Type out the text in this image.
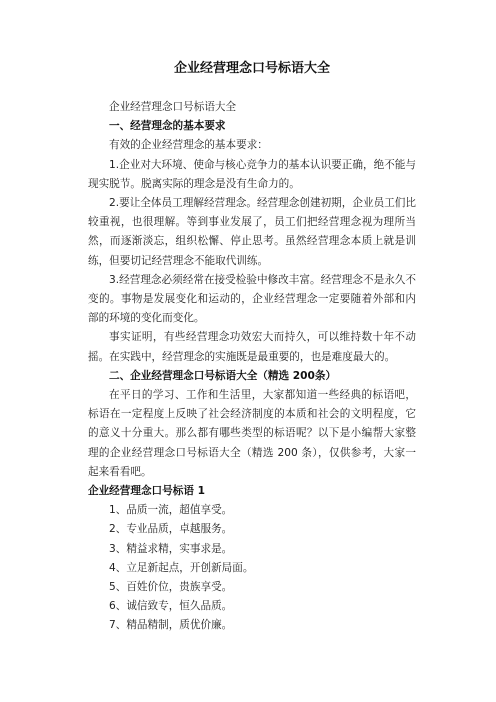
企业经营理念口号标语大全

企业经营理念口号标语大全

一、经营理念的基本要求

有效的企业经营理念的基本要求：

1.企业对大环境、使命与核心竞争力的基本认识要正确，绝不能与现实脱节。脱离实际的理念是没有生命力的。

2.要让全体员工理解经营理念。经营理念创建初期，企业员工们比较重视，也很理解。等到事业发展了，员工们把经营理念视为理所当然，而逐渐淡忘，组织松懈、停止思考。虽然经营理念本质上就是训练，但要切记经营理念不能取代训练。

3.经营理念必须经常在接受检验中修改丰富。经营理念不是永久不变的。事物是发展变化和运动的，企业经营理念一定要随着外部和内部的环境的变化而变化。

事实证明，有些经营理念功效宏大而持久，可以维持数十年不动摇。在实践中，经营理念的实施既是最重要的，也是难度最大的。

二、企业经营理念口号标语大全（精选 200条）

在平日的学习、工作和生活里，大家都知道一些经典的标语吧，标语在一定程度上反映了社会经济制度的本质和社会的文明程度，它的意义十分重大。那么都有哪些类型的标语呢？以下是小编帮大家整理的企业经营理念口号标语大全（精选 200 条），仅供参考，大家一起来看看吧。

企业经营理念口号标语 1

1、品质一流，超值享受。
2、专业品质，卓越服务。
3、精益求精，实事求是。
4、立足新起点，开创新局面。
5、百姓价位，贵族享受。
6、诚信致专，恒久品质。
7、精品精制，质优价廉。
